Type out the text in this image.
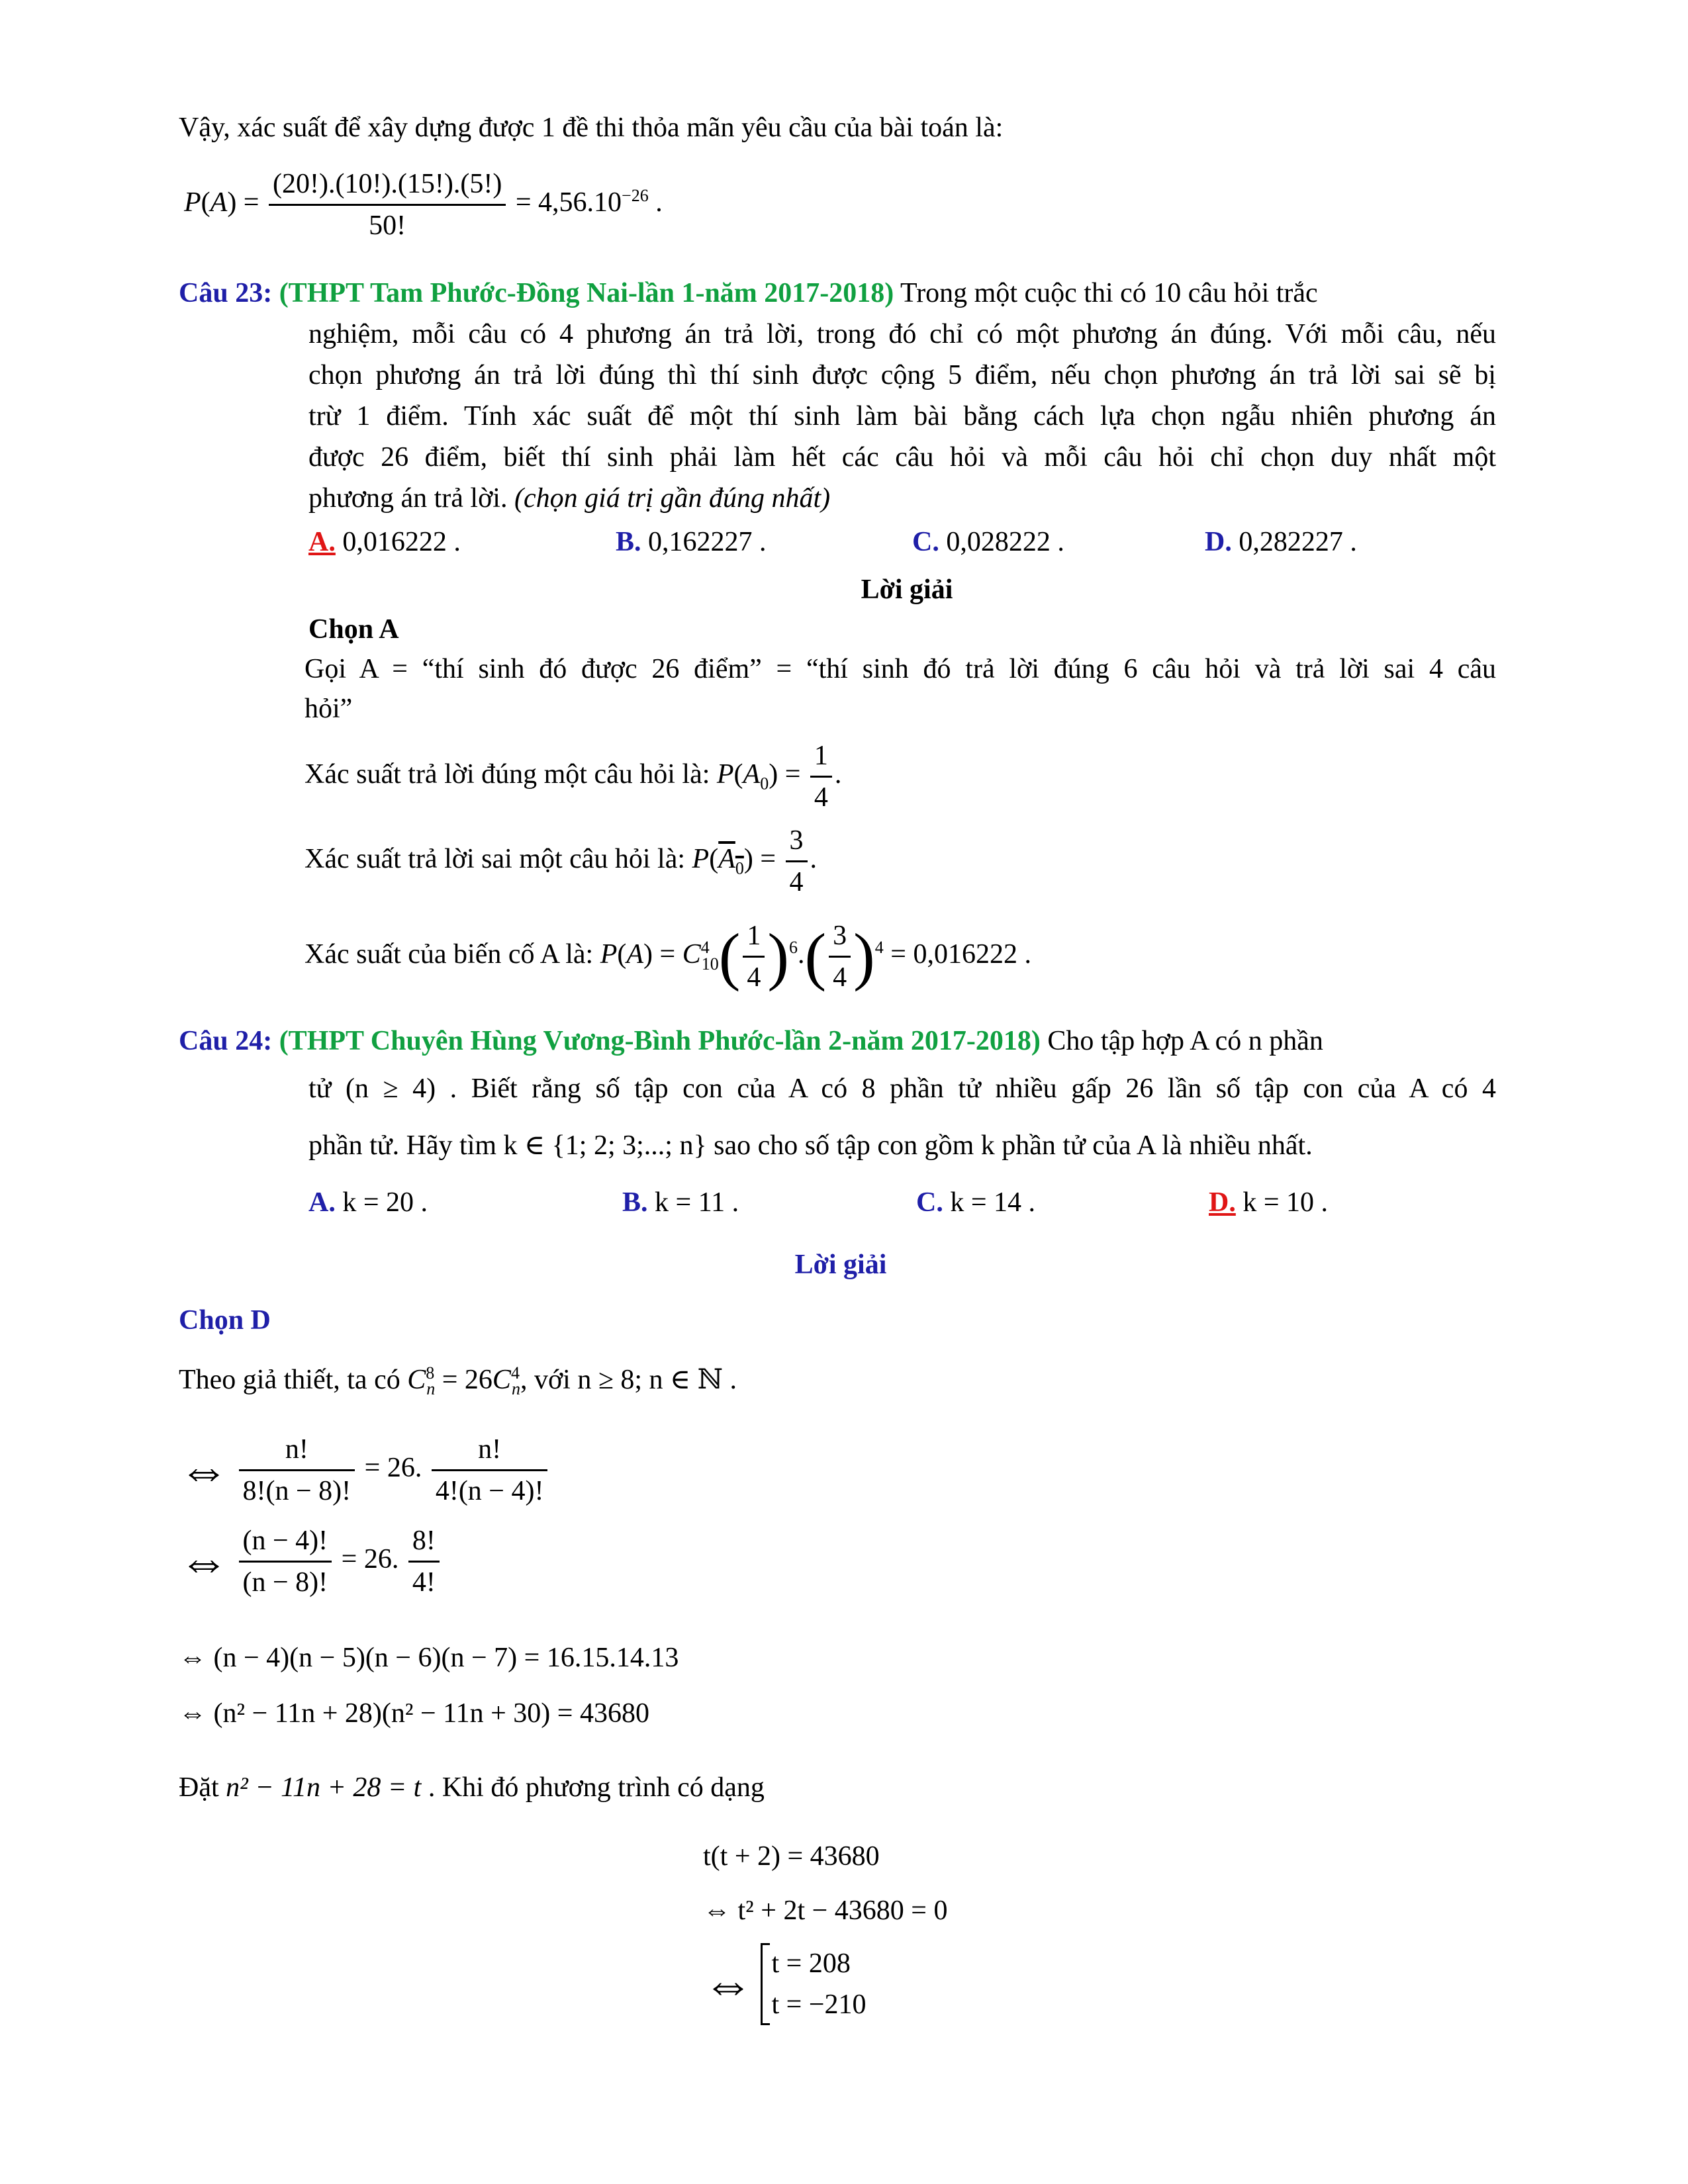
Vậy, xác suất để xây dựng được 1 đề thi thỏa mãn yêu cầu của bài toán là:
$P(A) = \frac{(20!).(10!).(15!).(5!)}{50!} = 4,56.10^{-26}$ .
Câu 23: (THPT Tam Phước-Đồng Nai-lần 1-năm 2017-2018) Trong một cuộc thi có 10 câu hỏi trắc
nghiệm, mỗi câu có 4 phương án trả lời, trong đó chỉ có một phương án đúng. Với mỗi câu, nếu
chọn phương án trả lời đúng thì thí sinh được cộng 5 điểm, nếu chọn phương án trả lời sai sẽ bị
trừ 1 điểm. Tính xác suất để một thí sinh làm bài bằng cách lựa chọn ngẫu nhiên phương án
được 26 điểm, biết thí sinh phải làm hết các câu hỏi và mỗi câu hỏi chỉ chọn duy nhất một
phương án trả lời. (chọn giá trị gần đúng nhất)
A. 0,016222 .	B. 0,162227 .	C. 0,028222 .	D. 0,282227 .
Lời giải
Chọn A
Gọi A = “thí sinh đó được 26 điểm” = “thí sinh đó trả lời đúng 6 câu hỏi và trả lời sai 4 câu
hỏi”
Xác suất trả lời đúng một câu hỏi là: $P(A_0) = \frac{1}{4}$ .
Xác suất trả lời sai một câu hỏi là: $P(A_0) = \frac{3}{4}$ .
Xác suất của biến cố A là: $P(A) = C^4_{10}( \frac{1}{4} )^6.( \frac{3}{4} )^4 = 0,016222$ .
Câu 24: (THPT Chuyên Hùng Vương-Bình Phước-lần 2-năm 2017-2018) Cho tập hợp A có n phần
tử (n ≥ 4) . Biết rằng số tập con của A có 8 phần tử nhiều gấp 26 lần số tập con của A có 4
phần tử. Hãy tìm k ∈ {1; 2; 3;...; n} sao cho số tập con gồm k phần tử của A là nhiều nhất.
A. k = 20 .	B. k = 11 .	C. k = 14 .	D. k = 10 .
Lời giải
Chọn D
Theo giả thiết, ta có $C^8_n = 26C^4_n$, với n ≥ 8; n ∈ ℕ .
⇔ $\frac{n!}{8!(n - 8)!} = 26$. $\frac{n!}{4!(n - 4)!}$
⇔ $\frac{(n - 4)!}{(n - 8)!} = 26$. $\frac{8!}{4!}$
⇔ (n − 4)(n − 5)(n − 6)(n − 7) = 16.15.14.13
⇔ (n² − 11n + 28)(n² − 11n + 30) = 43680
Đặt n² − 11n + 28 = t . Khi đó phương trình có dạng
t(t + 2) = 43680
⇔ t² + 2t − 43680 = 0
⇔ t = 208
t = −210
